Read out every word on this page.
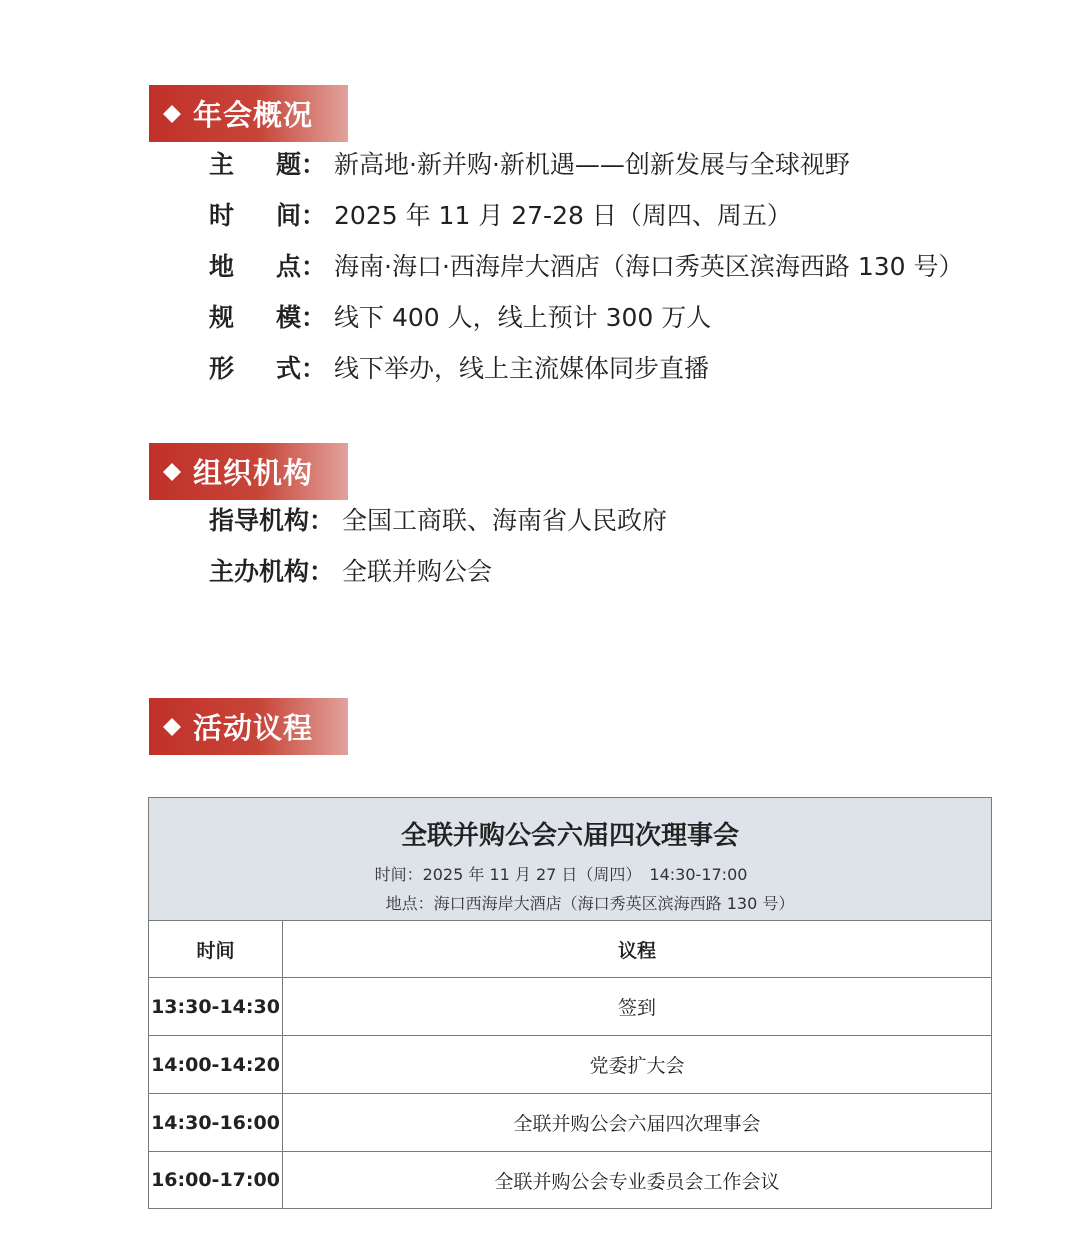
年会概况
主 题 ： 新高地·新并购·新机遇——创新发展与全球视野
时 间 ： 2025 年 11 月 27-28 日（周四、周五）
地 点 ： 海南·海口·西海岸大酒店（海口秀英区滨海西路 130 号）
规 模 ： 线下 400 人，线上预计 300 万人
形 式 ： 线下举办，线上主流媒体同步直播
组织机构
指导机构 ： 全国工商联、海南省人民政府
主办机构 ： 全联并购公会
活动议程
全联并购公会六届四次理事会
时间：2025 年 11 月 27 日（周四）　14:30-17:00
地点：海口西海岸大酒店（海口秀英区滨海西路 130 号）
时间	议程
13:30-14:30	签到
14:00-14:20	党委扩大会
14:30-16:00	全联并购公会六届四次理事会
16:00-17:00	全联并购公会专业委员会工作会议
